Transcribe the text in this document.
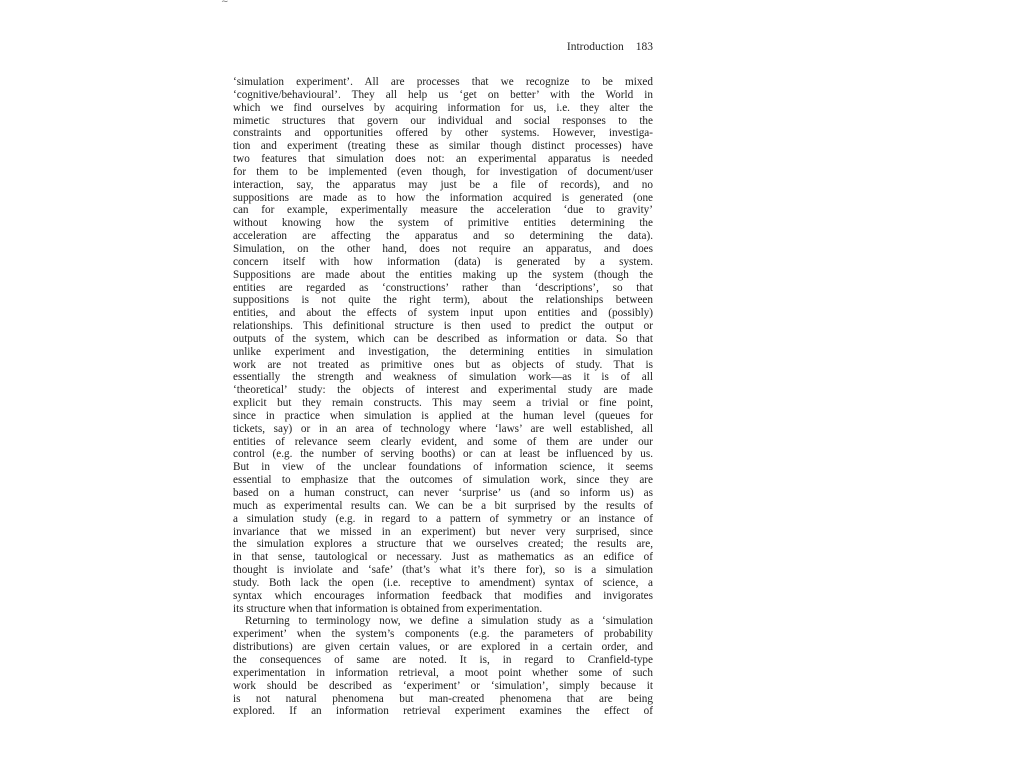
~
Introduction 183
‘simulation experiment’. All are processes that we recognize to be mixed
‘cognitive/behavioural’. They all help us ‘get on better’ with the World in
which we find ourselves by acquiring information for us, i.e. they alter the
mimetic structures that govern our individual and social responses to the
constraints and opportunities offered by other systems. However, investiga-
tion and experiment (treating these as similar though distinct processes) have
two features that simulation does not: an experimental apparatus is needed
for them to be implemented (even though, for investigation of document/user
interaction, say, the apparatus may just be a file of records), and no
suppositions are made as to how the information acquired is generated (one
can for example, experimentally measure the acceleration ‘due to gravity’
without knowing how the system of primitive entities determining the
acceleration are affecting the apparatus and so determining the data).
Simulation, on the other hand, does not require an apparatus, and does
concern itself with how information (data) is generated by a system.
Suppositions are made about the entities making up the system (though the
entities are regarded as ‘constructions’ rather than ‘descriptions’, so that
suppositions is not quite the right term), about the relationships between
entities, and about the effects of system input upon entities and (possibly)
relationships. This definitional structure is then used to predict the output or
outputs of the system, which can be described as information or data. So that
unlike experiment and investigation, the determining entities in simulation
work are not treated as primitive ones but as objects of study. That is
essentially the strength and weakness of simulation work—as it is of all
‘theoretical’ study: the objects of interest and experimental study are made
explicit but they remain constructs. This may seem a trivial or fine point,
since in practice when simulation is applied at the human level (queues for
tickets, say) or in an area of technology where ‘laws’ are well established, all
entities of relevance seem clearly evident, and some of them are under our
control (e.g. the number of serving booths) or can at least be influenced by us.
But in view of the unclear foundations of information science, it seems
essential to emphasize that the outcomes of simulation work, since they are
based on a human construct, can never ‘surprise’ us (and so inform us) as
much as experimental results can. We can be a bit surprised by the results of
a simulation study (e.g. in regard to a pattern of symmetry or an instance of
invariance that we missed in an experiment) but never very surprised, since
the simulation explores a structure that we ourselves created; the results are,
in that sense, tautological or necessary. Just as mathematics as an edifice of
thought is inviolate and ‘safe’ (that’s what it’s there for), so is a simulation
study. Both lack the open (i.e. receptive to amendment) syntax of science, a
syntax which encourages information feedback that modifies and invigorates
its structure when that information is obtained from experimentation.
Returning to terminology now, we define a simulation study as a ‘simulation
experiment’ when the system’s components (e.g. the parameters of probability
distributions) are given certain values, or are explored in a certain order, and
the consequences of same are noted. It is, in regard to Cranfield-type
experimentation in information retrieval, a moot point whether some of such
work should be described as ‘experiment’ or ‘simulation’, simply because it
is not natural phenomena but man-created phenomena that are being
explored. If an information retrieval experiment examines the effect of
